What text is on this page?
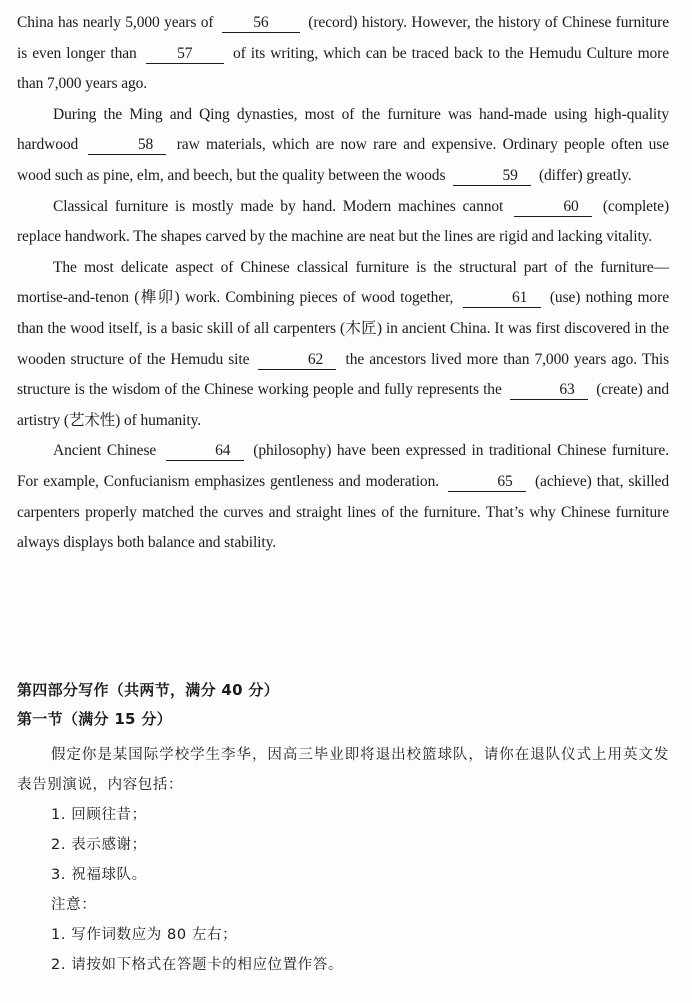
China has nearly 5,000 years of	56	(record) history. However, the history of Chinese furniture is even longer than	57	of its writing, which can be traced back to the Hemudu Culture more than 7,000 years ago.

During the Ming and Qing dynasties, most of the furniture was hand-made using high-quality hardwood	58 raw materials, which are now rare and expensive. Ordinary people often use wood such as pine, elm, and beech, but the quality between the woods	59 (differ) greatly.

Classical furniture is mostly made by hand. Modern machines cannot	60 (complete) replace handwork. The shapes carved by the machine are neat but the lines are rigid and lacking vitality.

The most delicate aspect of Chinese classical furniture is the structural part of the furniture—mortise-and-tenon (榫卯) work. Combining pieces of wood together,	61 (use) nothing more than the wood itself, is a basic skill of all carpenters (木匠) in ancient China. It was first discovered in the wooden structure of the Hemudu site	62 the ancestors lived more than 7,000 years ago. This structure is the wisdom of the Chinese working people and fully represents the	63 (create) and artistry (艺术性) of humanity.

Ancient Chinese	64 (philosophy) have been expressed in traditional Chinese furniture. For example, Confucianism emphasizes gentleness and moderation.	65 (achieve) that, skilled carpenters properly matched the curves and straight lines of the furniture. That’s why Chinese furniture always displays both balance and stability.

第四部分写作（共两节，满分 40 分）

第一节（满分 15 分）

假定你是某国际学校学生李华，因高三毕业即将退出校篮球队，请你在退队仪式上用英文发表告别演说，内容包括：

1. 回顾往昔；
2. 表示感谢；
3. 祝福球队。
注意：
1. 写作词数应为 80 左右；
2. 请按如下格式在答题卡的相应位置作答。
